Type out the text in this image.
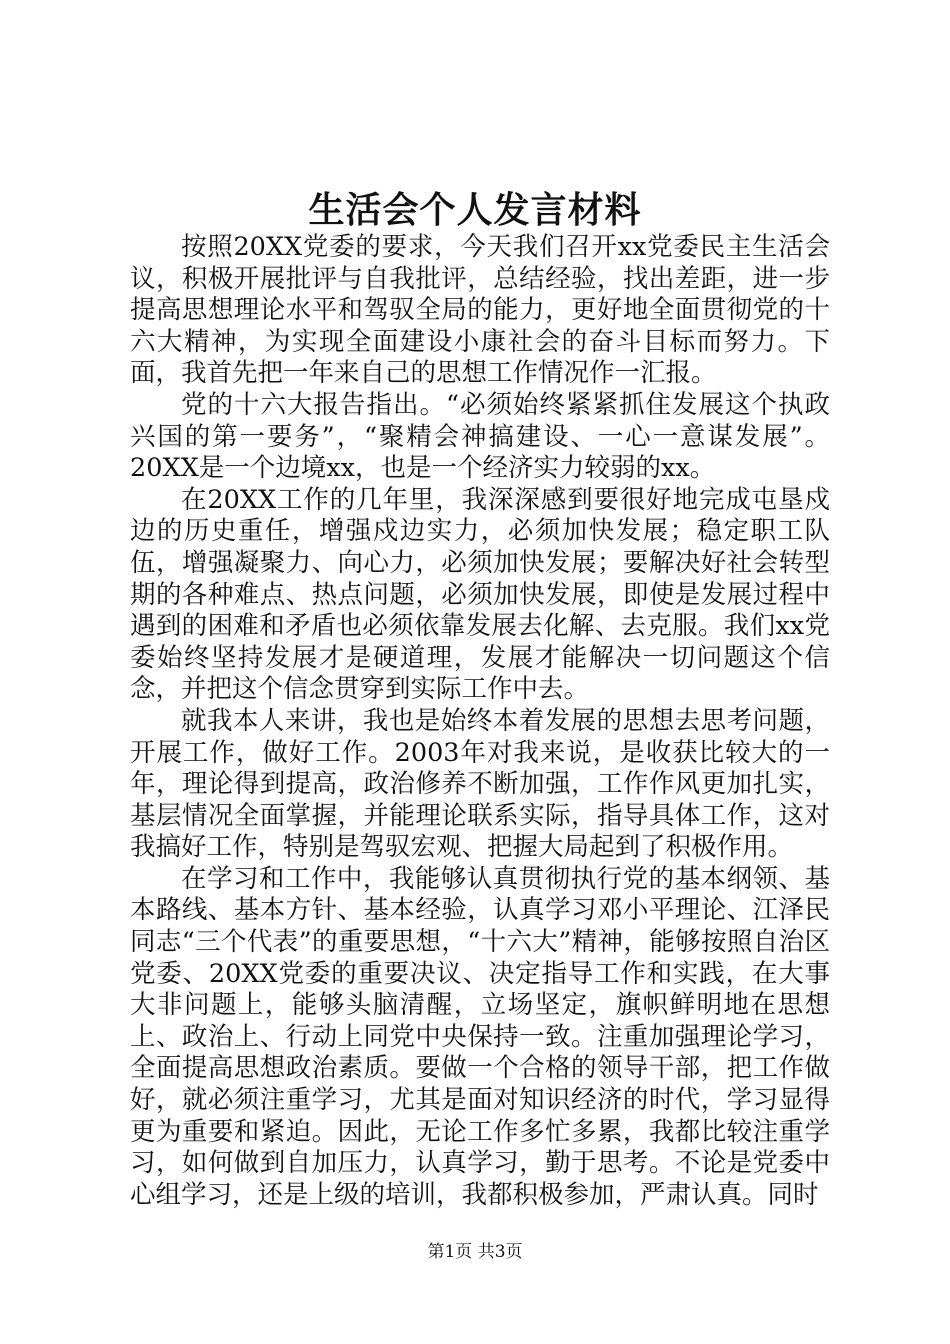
生活会个人发言材料

按照20XX党委的要求，今天我们召开xx党委民主生活会议，积极开展批评与自我批评，总结经验，找出差距，进一步提高思想理论水平和驾驭全局的能力，更好地全面贯彻党的十六大精神，为实现全面建设小康社会的奋斗目标而努力。下面，我首先把一年来自己的思想工作情况作一汇报。

党的十六大报告指出。“必须始终紧紧抓住发展这个执政兴国的第一要务”，“聚精会神搞建设、一心一意谋发展”。20XX是一个边境xx，也是一个经济实力较弱的xx。

在20XX工作的几年里，我深深感到要很好地完成屯垦戍边的历史重任，增强戍边实力，必须加快发展；稳定职工队伍，增强凝聚力、向心力，必须加快发展；要解决好社会转型期的各种难点、热点问题，必须加快发展，即使是发展过程中遇到的困难和矛盾也必须依靠发展去化解、去克服。我们xx党委始终坚持发展才是硬道理，发展才能解决一切问题这个信念，并把这个信念贯穿到实际工作中去。

就我本人来讲，我也是始终本着发展的思想去思考问题，开展工作，做好工作。2003年对我来说，是收获比较大的一年，理论得到提高，政治修养不断加强，工作作风更加扎实，基层情况全面掌握，并能理论联系实际，指导具体工作，这对我搞好工作，特别是驾驭宏观、把握大局起到了积极作用。

在学习和工作中，我能够认真贯彻执行党的基本纲领、基本路线、基本方针、基本经验，认真学习邓小平理论、江泽民同志“三个代表”的重要思想，“十六大”精神，能够按照自治区党委、20XX党委的重要决议、决定指导工作和实践，在大事大非问题上，能够头脑清醒，立场坚定，旗帜鲜明地在思想上、政治上、行动上同党中央保持一致。注重加强理论学习，全面提高思想政治素质。要做一个合格的领导干部，把工作做好，就必须注重学习，尤其是面对知识经济的时代，学习显得更为重要和紧迫。因此，无论工作多忙多累，我都比较注重学习，如何做到自加压力，认真学习，勤于思考。不论是党委中心组学习，还是上级的培训，我都积极参加，严肃认真。同时

第1页 共3页
